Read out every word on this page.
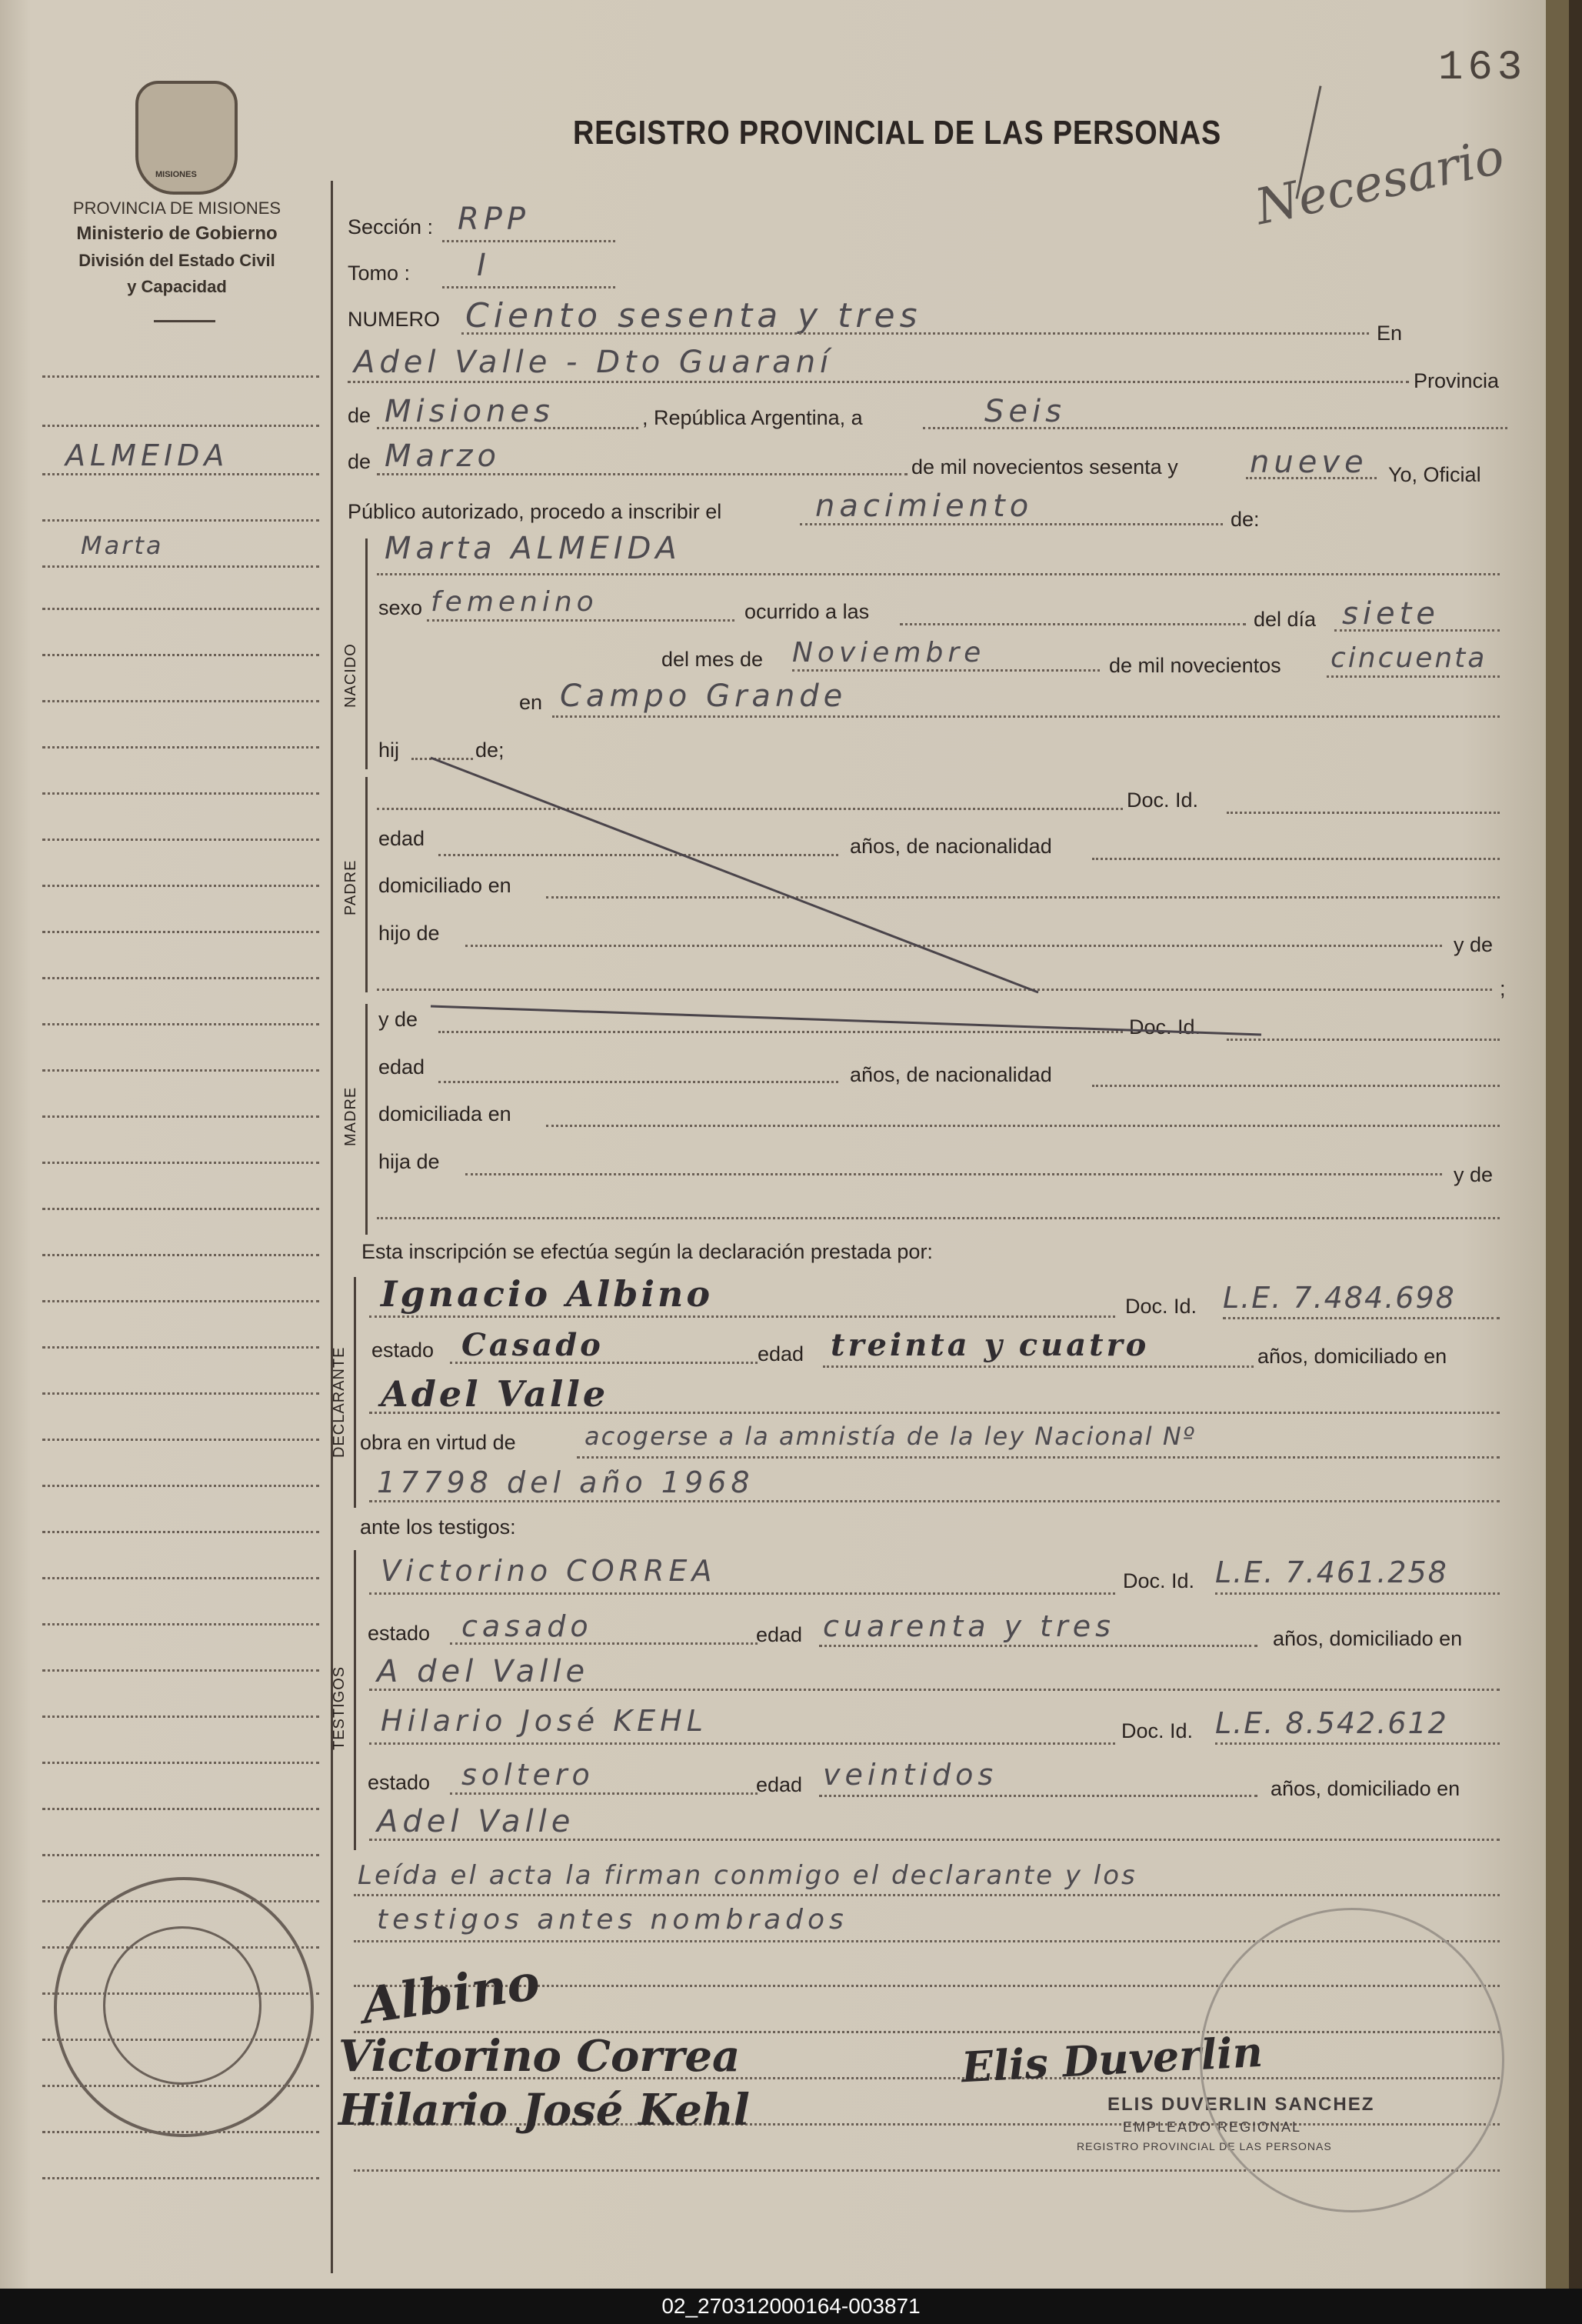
163
REGISTRO PROVINCIAL DE LAS PERSONAS Necesario
MISIONES
PROVINCIA DE MISIONES
Ministerio de Gobierno
División del Estado Civil
y Capacidad
ALMEIDA
Marta
Sección : RPP
Tomo : I
NUMERO Ciento sesenta y tres	En
Adel Valle - Dto Guaraní
Provincia
de Misiones	, República Argentina, a	Seis
de Marzo	de mil novecientos sesenta y nueve Yo, Oficial
Público autorizado, procedo a inscribir el	nacimiento	de:
NACIDO
Marta ALMEIDA
sexo femenino	ocurrido a las	del día siete
del mes de Noviembre	de mil novecientos cincuenta
en Campo Grande
hij	de;
PADRE
Doc. Id.
edad	años, de nacionalidad
domiciliado en
hijo de	y de
;
MADRE
y de	Doc. Id.
edad	años, de nacionalidad
domiciliada en
hija de
y de
Esta inscripción se efectúa según la declaración prestada por:
DECLARANTE
Ignacio Albino	Doc. Id. L.E. 7.484.698
estado Casado	edad treinta y cuatro	años, domiciliado en
Adel Valle
obra en virtud de	acogerse a la amnistía de la ley Nacional Nº
17798 del año 1968
ante los testigos:
TESTIGOS
Victorino CORREA	Doc. Id. L.E. 7.461.258
estado casado	edad cuarenta y tres	años, domiciliado en
A del Valle
Hilario José KEHL	Doc. Id. L.E. 8.542.612
estado soltero	edad veintidos	años, domiciliado en
Adel Valle
Leída el acta la firman conmigo el declarante y los
testigos antes nombrados
Albino
Victorino Correa
Hilario José Kehl
Elis Duverlin
ELIS DUVERLIN SANCHEZ
EMPLEADO REGIONAL
REGISTRO PROVINCIAL DE LAS PERSONAS
02_270312000164-003871
